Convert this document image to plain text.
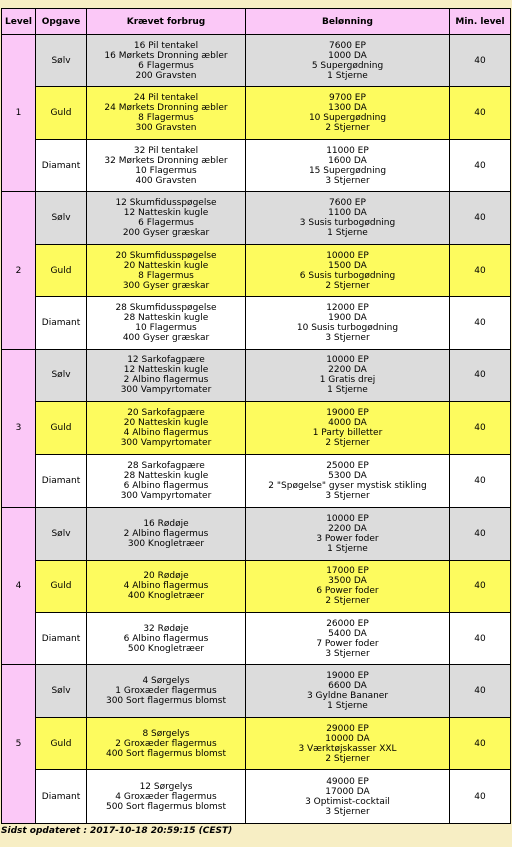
Level	Opgave	Krævet forbrug	Belønning	Min. level
1	Sølv	16 Pil tentakel
16 Mørkets Dronning æbler
6 Flagermus
200 Gravsten	7600 EP
1000 DA
5 Supergødning
1 Stjerne	40
	Guld	24 Pil tentakel
24 Mørkets Dronning æbler
8 Flagermus
300 Gravsten	9700 EP
1300 DA
10 Supergødning
2 Stjerner	40
	Diamant	32 Pil tentakel
32 Mørkets Dronning æbler
10 Flagermus
400 Gravsten	11000 EP
1600 DA
15 Supergødning
3 Stjerner	40
2	Sølv	12 Skumfidusspøgelse
12 Natteskin kugle
6 Flagermus
200 Gyser græskar	7600 EP
1100 DA
3 Susis turbogødning
1 Stjerne	40
	Guld	20 Skumfidusspøgelse
20 Natteskin kugle
8 Flagermus
300 Gyser græskar	10000 EP
1500 DA
6 Susis turbogødning
2 Stjerner	40
	Diamant	28 Skumfidusspøgelse
28 Natteskin kugle
10 Flagermus
400 Gyser græskar	12000 EP
1900 DA
10 Susis turbogødning
3 Stjerner	40
3	Sølv	12 Sarkofagpære
12 Natteskin kugle
2 Albino flagermus
300 Vampyrtomater	10000 EP
2200 DA
1 Gratis drej
1 Stjerne	40
	Guld	20 Sarkofagpære
20 Natteskin kugle
4 Albino flagermus
300 Vampyrtomater	19000 EP
4000 DA
1 Party billetter
2 Stjerner	40
	Diamant	28 Sarkofagpære
28 Natteskin kugle
6 Albino flagermus
300 Vampyrtomater	25000 EP
5300 DA
2 "Spøgelse" gyser mystisk stikling
3 Stjerner	40
4	Sølv	16 Rødøje
2 Albino flagermus
300 Knogletræer	10000 EP
2200 DA
3 Power foder
1 Stjerne	40
	Guld	20 Rødøje
4 Albino flagermus
400 Knogletræer	17000 EP
3500 DA
6 Power foder
2 Stjerner	40
	Diamant	32 Rødøje
6 Albino flagermus
500 Knogletræer	26000 EP
5400 DA
7 Power foder
3 Stjerner	40
5	Sølv	4 Sørgelys
1 Groxæder flagermus
300 Sort flagermus blomst	19000 EP
6600 DA
3 Gyldne Bananer
1 Stjerne	40
	Guld	8 Sørgelys
2 Groxæder flagermus
400 Sort flagermus blomst	29000 EP
10000 DA
3 Værktøjskasser XXL
2 Stjerner	40
	Diamant	12 Sørgelys
4 Groxæder flagermus
500 Sort flagermus blomst	49000 EP
17000 DA
3 Optimist-cocktail
3 Stjerner	40
Sidst opdateret : 2017-10-18 20:59:15 (CEST)
